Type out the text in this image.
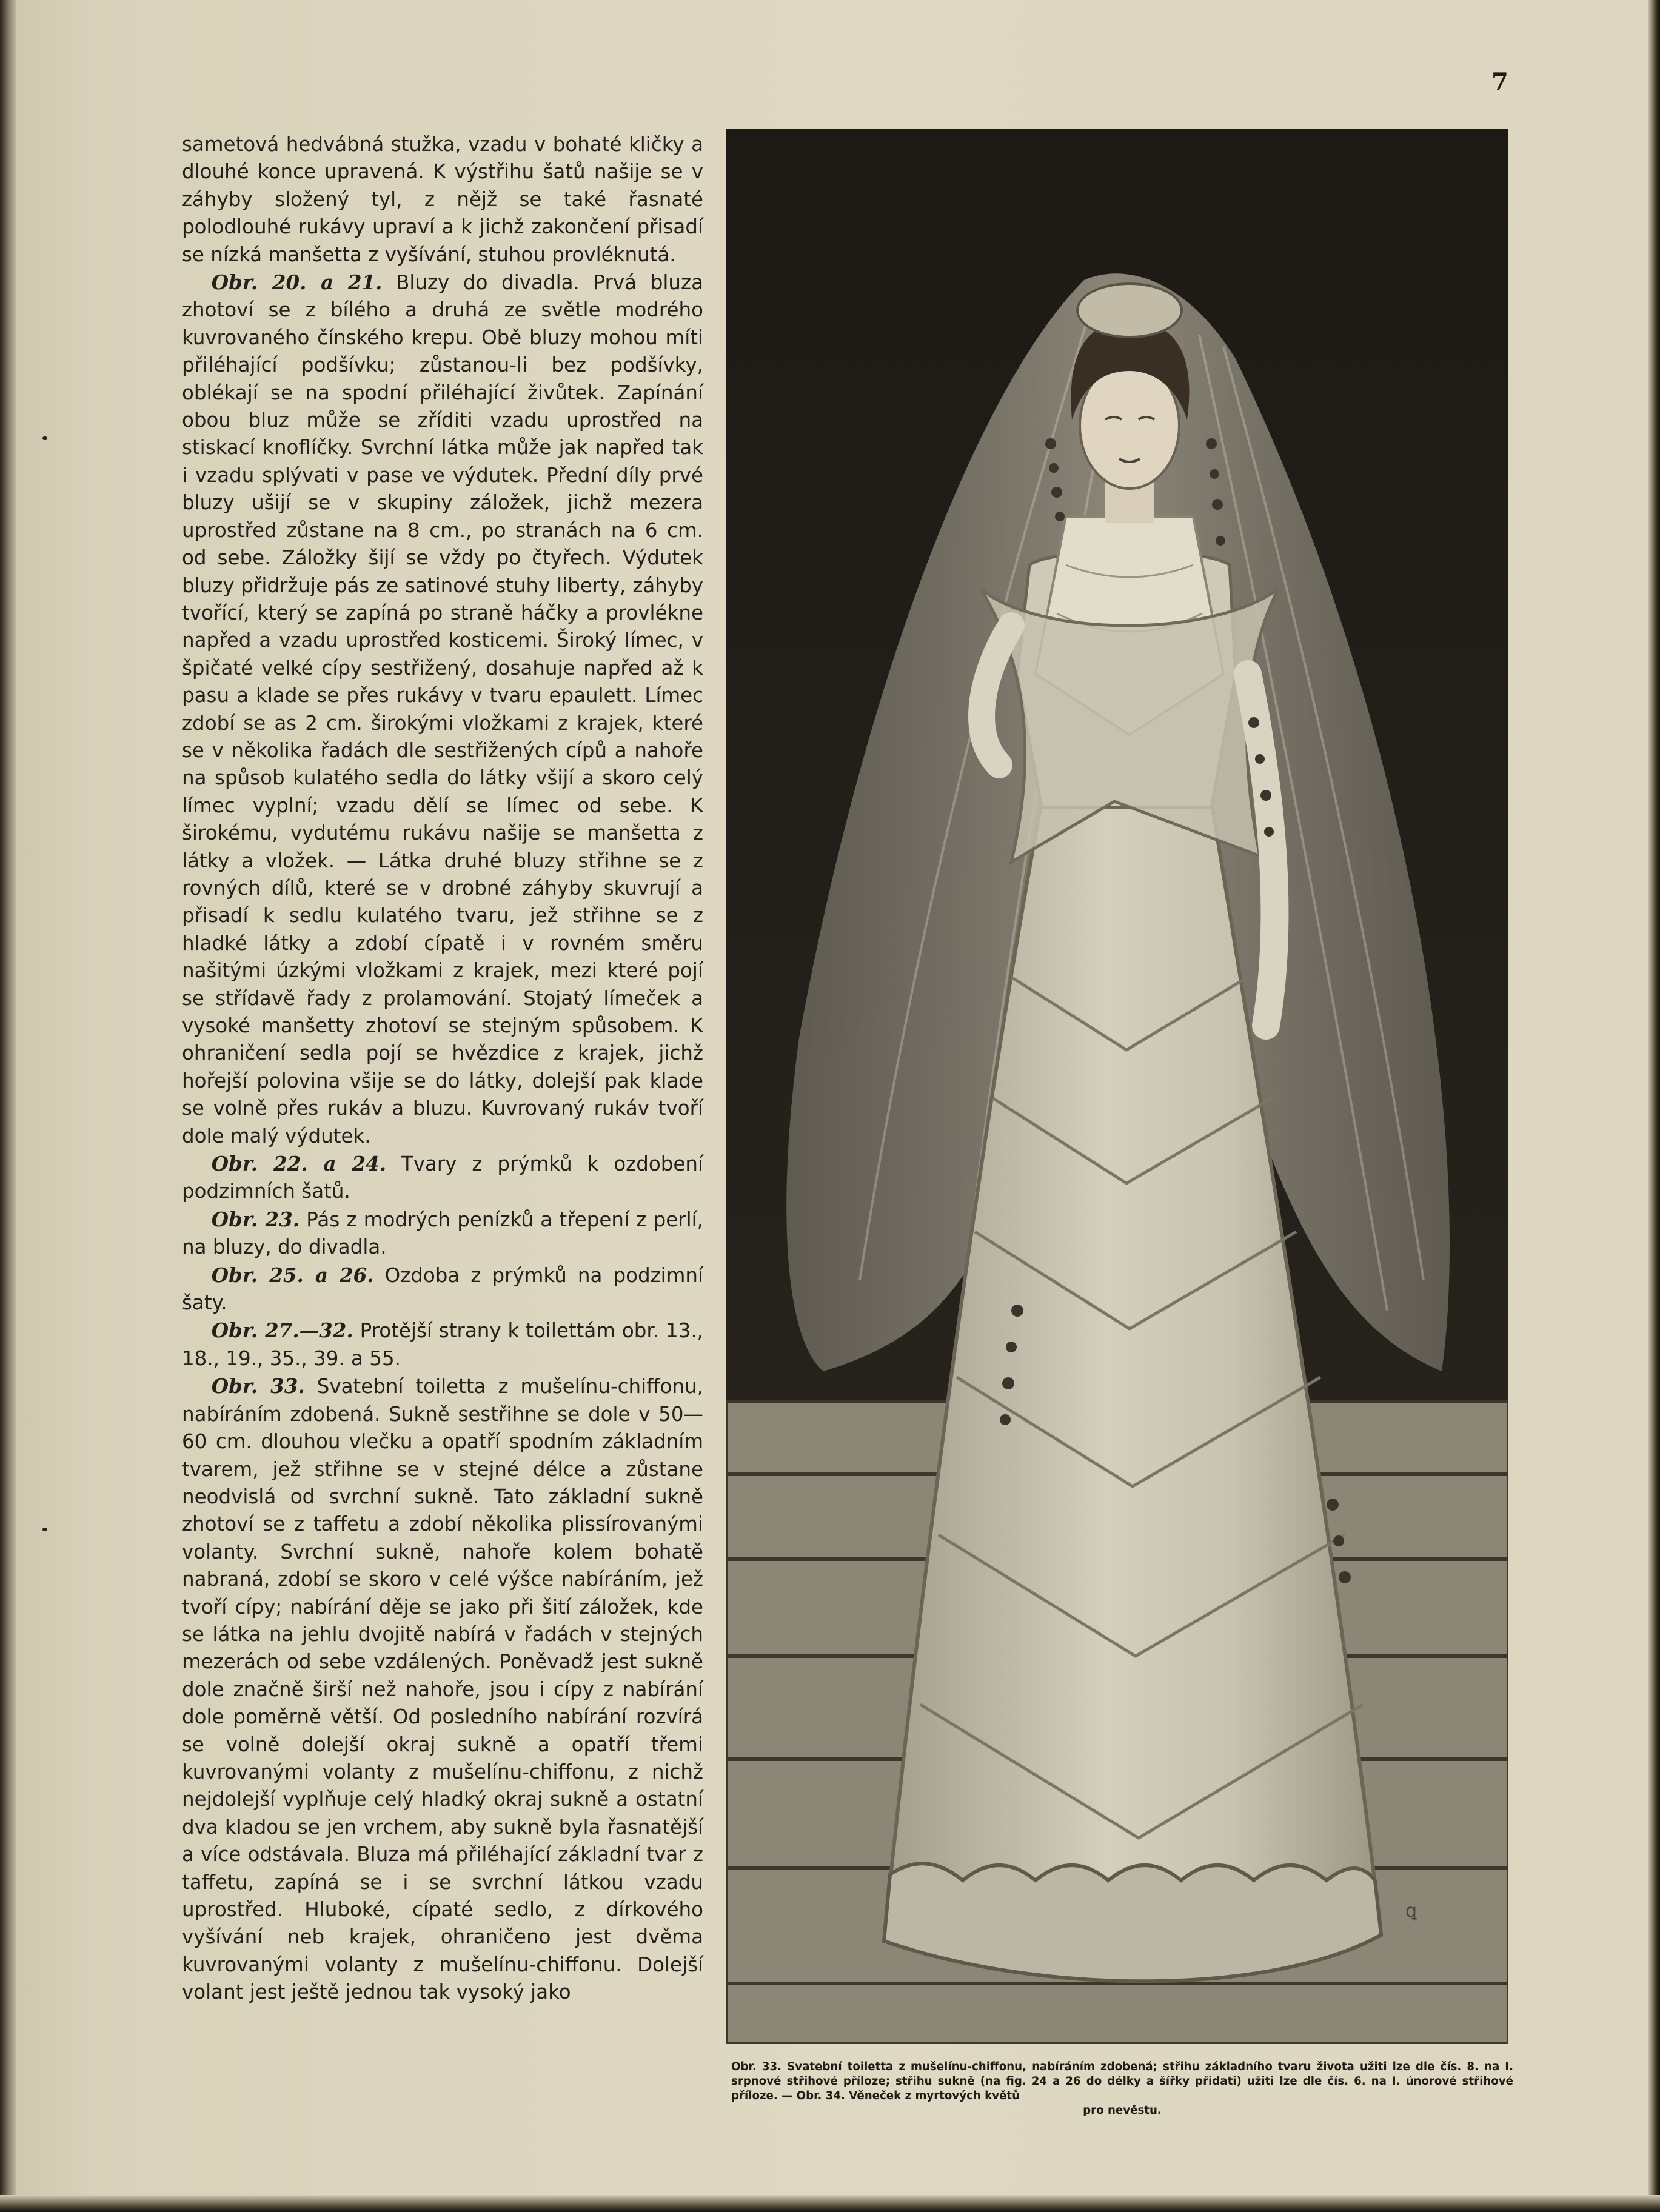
7

sametová hedvábná stužka, vzadu v bohaté kličky a dlouhé konce upravená. K výstřihu šatů našije se v záhyby složený tyl, z nějž se také řasnaté polodlouhé rukávy upraví a k jichž zakončení přisadí se nízká manšetta z vyšívání, stuhou provléknutá.

Obr. 20. a 21. Bluzy do divadla. Prvá bluza zhotoví se z bílého a druhá ze světle modrého kuvrovaného čínského krepu. Obě bluzy mohou míti přiléhající podšívku; zůstanou-li bez podšívky, oblékají se na spodní přiléhající živůtek. Zapínání obou bluz může se zříditi vzadu uprostřed na stiskací knoflíčky. Svrchní látka může jak napřed tak i vzadu splývati v pase ve výdutek. Přední díly prvé bluzy ušijí se v skupiny záložek, jichž mezera uprostřed zůstane na 8 cm., po stranách na 6 cm. od sebe. Záložky šijí se vždy po čtyřech. Výdutek bluzy přidržuje pás ze satinové stuhy liberty, záhyby tvořící, který se zapíná po straně háčky a provlékne napřed a vzadu uprostřed kosticemi. Široký límec, v špičaté velké cípy sestřižený, dosahuje napřed až k pasu a klade se přes rukávy v tvaru epaulett. Límec zdobí se as 2 cm. širokými vložkami z krajek, které se v několika řadách dle sestřižených cípů a nahoře na spůsob kulatého sedla do látky všijí a skoro celý límec vyplní; vzadu dělí se límec od sebe. K širokému, vydutému rukávu našije se manšetta z látky a vložek. — Látka druhé bluzy střihne se z rovných dílů, které se v drobné záhyby skuvrují a přisadí k sedlu kulatého tvaru, jež střihne se z hladké látky a zdobí cípatě i v rovném směru našitými úzkými vložkami z krajek, mezi které pojí se střídavě řady z prolamování. Stojatý límeček a vysoké manšetty zhotoví se stejným spůsobem. K ohraničení sedla pojí se hvězdice z krajek, jichž hořejší polovina všije se do látky, dolejší pak klade se volně přes rukáv a bluzu. Kuvrovaný rukáv tvoří dole malý výdutek.

Obr. 22. a 24. Tvary z prýmků k ozdobení podzimních šatů.

Obr. 23. Pás z modrých penízků a třepení z perlí, na bluzy, do divadla.

Obr. 25. a 26. Ozdoba z prýmků na podzimní šaty.

Obr. 27.—32. Protější strany k toilettám obr. 13., 18., 19., 35., 39. a 55.

Obr. 33. Svatební toiletta z mušelínu-chiffonu, nabíráním zdobená. Sukně sestřihne se dole v 50—60 cm. dlouhou vlečku a opatří spodním základním tvarem, jež střihne se v stejné délce a zůstane neodvislá od svrchní sukně. Tato základní sukně zhotoví se z taffetu a zdobí několika plissírovanými volanty. Svrchní sukně, nahoře kolem bohatě nabraná, zdobí se skoro v celé výšce nabíráním, jež tvoří cípy; nabírání děje se jako při šití záložek, kde se látka na jehlu dvojitě nabírá v řadách v stejných mezerách od sebe vzdálených. Poněvadž jest sukně dole značně širší než nahoře, jsou i cípy z nabírání dole poměrně větší. Od posledního nabírání rozvírá se volně dolejší okraj sukně a opatří třemi kuvrovanými volanty z mušelínu-chiffonu, z nichž nejdolejší vyplňuje celý hladký okraj sukně a ostatní dva kladou se jen vrchem, aby sukně byla řasnatější a více odstávala. Bluza má přiléhající základní tvar z taffetu, zapíná se i se svrchní látkou vzadu uprostřed. Hluboké, cípaté sedlo, z dírkového vyšívání neb krajek, ohraničeno jest dvěma kuvrovanými volanty z mušelínu-chiffonu. Dolejší volant jest ještě jednou tak vysoký jako

ꝗ
Obr. 33. Svatební toiletta z mušelínu-chiffonu, nabíráním zdobená; střihu základního tvaru života užiti lze dle čís. 8. na I. srpnové střihové příloze; střihu sukně (na fig. 24 a 26 do délky a šířky přidati) užiti lze dle čís. 6. na I. únorové střihové příloze. — Obr. 34. Věneček z myrtových květů
pro nevěstu.
